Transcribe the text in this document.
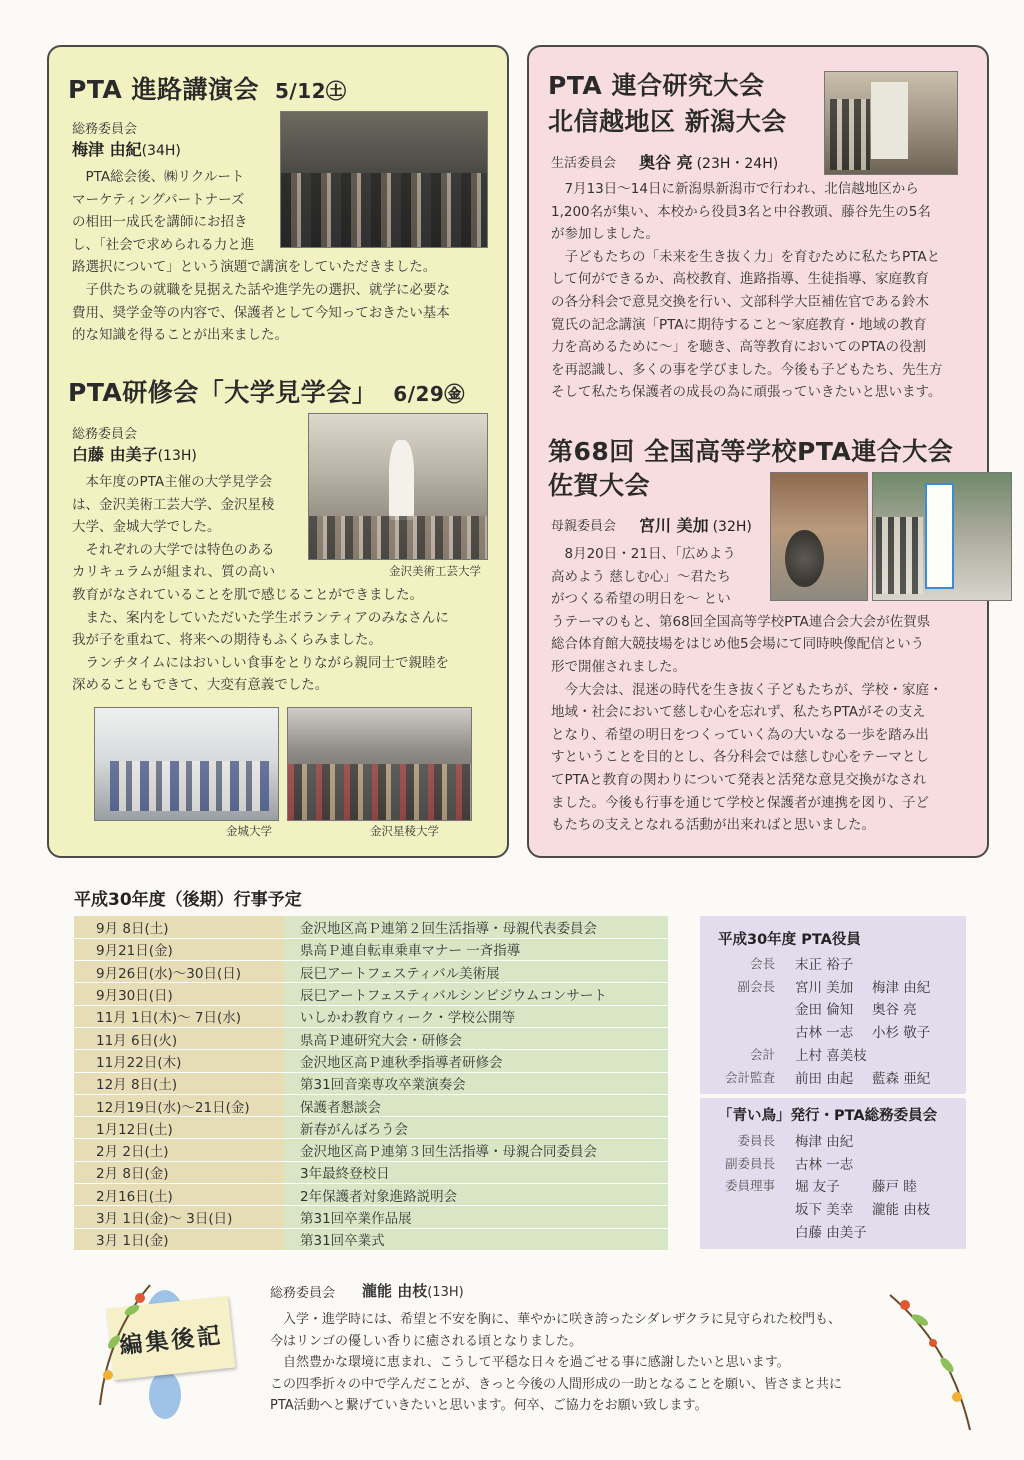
PTA 進路講演会 5/12㊏
総務委員会
梅津 由紀(34H)

PTA総会後、㈱リクルート

マーケティングパートナーズ

の相田一成氏を講師にお招き

し、「社会で求められる力と進

路選択について」という演題で講演をしていただきました。

子供たちの就職を見据えた話や進学先の選択、就学に必要な

費用、奨学金等の内容で、保護者として今知っておきたい基本

的な知識を得ることが出来ました。

PTA研修会「大学見学会」 6/29㊎
総務委員会
白藤 由美子(13H)
金沢美術工芸大学

本年度のPTA主催の大学見学会

は、金沢美術工芸大学、金沢星稜

大学、金城大学でした。

それぞれの大学では特色のある

カリキュラムが組まれ、質の高い

教育がなされていることを肌で感じることができました。

また、案内をしていただいた学生ボランティアのみなさんに

我が子を重ねて、将来への期待もふくらみました。

ランチタイムにはおいしい食事をとりながら親同士で親睦を

深めることもできて、大変有意義でした。

金城大学	金沢星稜大学
PTA 連合研究大会
北信越地区 新潟大会
生活委員会 奥谷 亮 (23H・24H)

7月13日～14日に新潟県新潟市で行われ、北信越地区から

1,200名が集い、本校から役員3名と中谷教頭、藤谷先生の5名

が参加しました。

子どもたちの「未来を生き抜く力」を育むために私たちPTAと

して何ができるか、高校教育、進路指導、生徒指導、家庭教育

の各分科会で意見交換を行い、文部科学大臣補佐官である鈴木

寛氏の記念講演「PTAに期待すること～家庭教育・地域の教育

力を高めるために～」を聴き、高等教育においてのPTAの役割

を再認識し、多くの事を学びました。今後も子どもたち、先生方

そして私たち保護者の成長の為に頑張っていきたいと思います。

第68回 全国高等学校PTA連合大会
佐賀大会
母親委員会 宮川 美加 (32H)

8月20日・21日、「広めよう

高めよう 慈しむ心」～君たち

がつくる希望の明日を～ とい

うテーマのもと、第68回全国高等学校PTA連合会大会が佐賀県

総合体育館大競技場をはじめ他5会場にて同時映像配信という

形で開催されました。

今大会は、混迷の時代を生き抜く子どもたちが、学校・家庭・

地域・社会において慈しむ心を忘れず、私たちPTAがその支え

となり、希望の明日をつくっていく為の大いなる一歩を踏み出

すということを目的とし、各分科会では慈しむ心をテーマとし

てPTAと教育の関わりについて発表と活発な意見交換がなされ

ました。今後も行事を通じて学校と保護者が連携を図り、子ど

もたちの支えとなれる活動が出来ればと思いました。

平成30年度（後期）行事予定
9月 8日(土)	金沢地区高Ｐ連第２回生活指導・母親代表委員会
9月21日(金)	県高Ｐ連自転車乗車マナー 一斉指導
9月26日(水)～30日(日)	辰巳アートフェスティバル美術展
9月30日(日)	辰巳アートフェスティバルシンビジウムコンサート
11月 1日(木)～ 7日(水)	いしかわ教育ウィーク・学校公開等
11月 6日(火)	県高Ｐ連研究大会・研修会
11月22日(木)	金沢地区高Ｐ連秋季指導者研修会
12月 8日(土)	第31回音楽専攻卒業演奏会
12月19日(水)～21日(金)	保護者懇談会
1月12日(土)	新春がんばろう会
2月 2日(土)	金沢地区高Ｐ連第３回生活指導・母親合同委員会
2月 8日(金)	3年最終登校日
2月16日(土)	2年保護者対象進路説明会
3月 1日(金)～ 3日(日)	第31回卒業作品展
3月 1日(金)	第31回卒業式
平成30年度 PTA役員
会長 末正 裕子
副会長 宮川 美加 梅津 由紀
金田 倫知 奥谷 亮
古林 一志 小杉 敬子
会計 上村 喜美枝
会計監査 前田 由起 藍森 亜紀
「青い鳥」発行・PTA総務委員会
委員長 梅津 由紀
副委員長 古林 一志
委員理事 堀 友子 藤戸 睦
坂下 美幸 瀧能 由枝
白藤 由美子
編集後記
総務委員会 瀧能 由枝(13H)

入学・進学時には、希望と不安を胸に、華やかに咲き誇ったシダレザクラに見守られた校門も、

今はリンゴの優しい香りに癒される頃となりました。

自然豊かな環境に恵まれ、こうして平穏な日々を過ごせる事に感謝したいと思います。

この四季折々の中で学んだことが、きっと今後の人間形成の一助となることを願い、皆さまと共に

PTA活動へと繋げていきたいと思います。何卒、ご協力をお願い致します。
